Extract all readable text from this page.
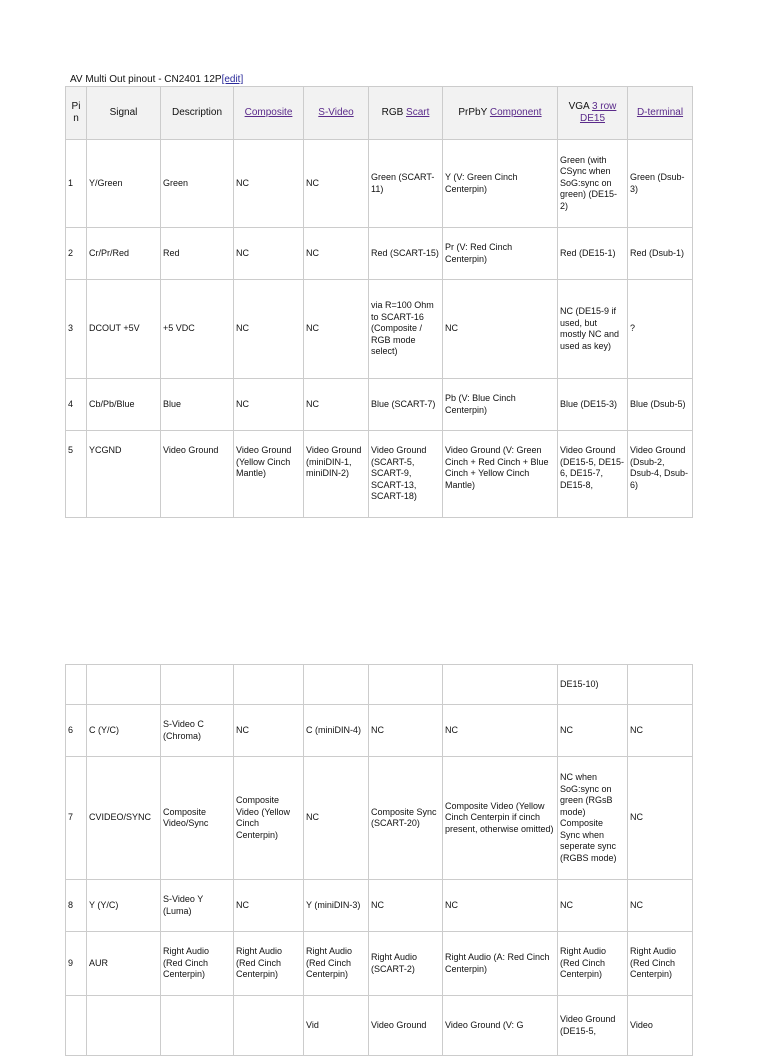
AV Multi Out pinout - CN2401 12P[edit]
Pi n	Signal	Description	Composite	S-Video	RGB Scart	PrPbY Component	VGA 3 row DE15	D-terminal
1	Y/Green	Green	NC	NC	Green (SCART-11)	Y (V: Green Cinch Centerpin)	Green (with CSync when SoG:sync on green) (DE15-2)	Green (Dsub-3)
2	Cr/Pr/Red	Red	NC	NC	Red (SCART-15)	Pr (V: Red Cinch Centerpin)	Red (DE15-1)	Red (Dsub-1)
3	DCOUT +5V	+5 VDC	NC	NC	via R=100 Ohm to SCART-16 (Composite / RGB mode select)	NC	NC (DE15-9 if used, but mostly NC and used as key)	?
4	Cb/Pb/Blue	Blue	NC	NC	Blue (SCART-7)	Pb (V: Blue Cinch Centerpin)	Blue (DE15-3)	Blue (Dsub-5)
5	YCGND	Video Ground	Video Ground (Yellow Cinch Mantle)	Video Ground (miniDIN-1, miniDIN-2)	Video Ground (SCART-5, SCART-9, SCART-13, SCART-18)	Video Ground (V: Green Cinch + Red Cinch + Blue Cinch + Yellow Cinch Mantle)	Video Ground (DE15-5, DE15-6, DE15-7, DE15-8,	Video Ground (Dsub-2, Dsub-4, Dsub-6)
							DE15-10)	
6	C (Y/C)	S-Video C (Chroma)	NC	C (miniDIN-4)	NC	NC	NC	NC
7	CVIDEO/SYNC	Composite Video/Sync	Composite Video (Yellow Cinch Centerpin)	NC	Composite Sync (SCART-20)	Composite Video (Yellow Cinch Centerpin if cinch present, otherwise omitted)	NC when SoG:sync on green (RGsB mode) Composite Sync when seperate sync (RGBS mode)	NC
8	Y (Y/C)	S-Video Y (Luma)	NC	Y (miniDIN-3)	NC	NC	NC	NC
9	AUR	Right Audio (Red Cinch Centerpin)	Right Audio (Red Cinch Centerpin)	Right Audio (Red Cinch Centerpin)	Right Audio (SCART-2)	Right Audio (A: Red Cinch Centerpin)	Right Audio (Red Cinch Centerpin)	Right Audio (Red Cinch Centerpin)
				Vid	Video Ground	Video Ground (V: G	Video Ground (DE15-5,	Video
